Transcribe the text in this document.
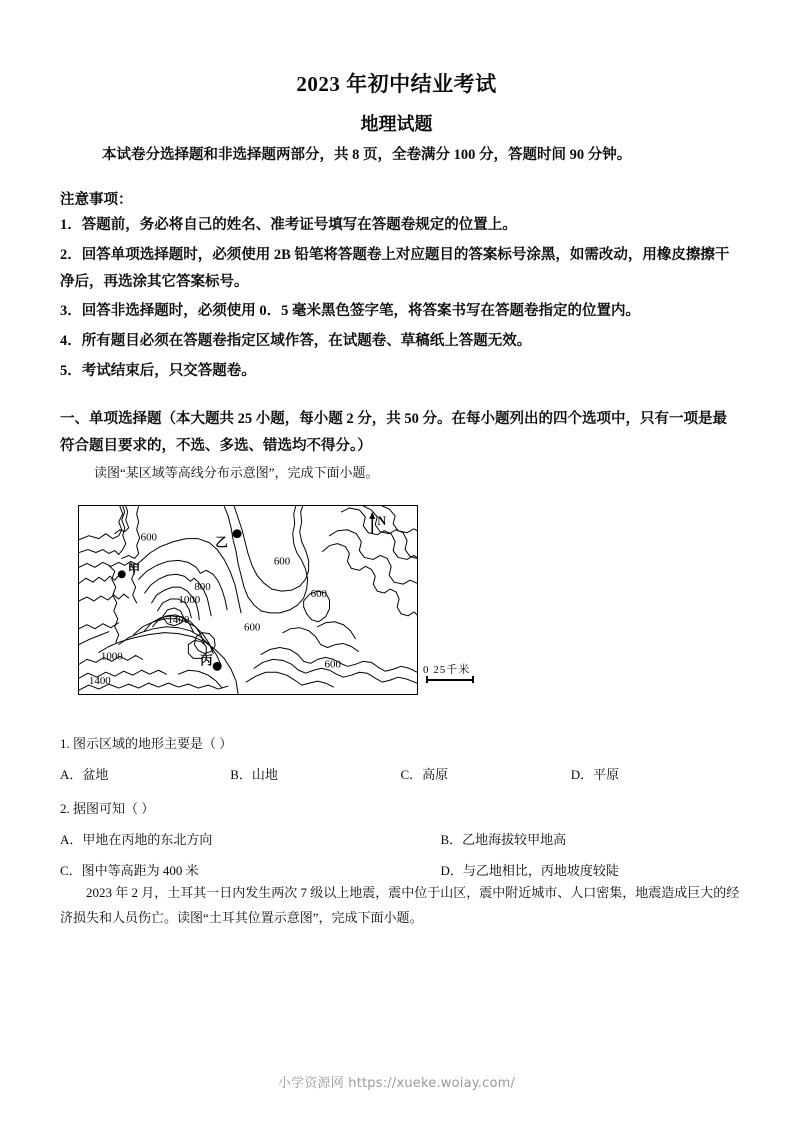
2023 年初中结业考试
地理试题
本试卷分选择题和非选择题两部分，共 8 页，全卷满分 100 分，答题时间 90 分钟。
注意事项：

1．答题前，务必将自己的姓名、准考证号填写在答题卷规定的位置上。

2．回答单项选择题时，必须使用 2B 铅笔将答题卷上对应题目的答案标号涂黑，如需改动，用橡皮擦擦干净后，再选涂其它答案标号。

3．回答非选择题时，必须使用 0．5 毫米黑色签字笔，将答案书写在答题卷指定的位置内。

4．所有题目必须在答题卷指定区域作答，在试题卷、草稿纸上答题无效。

5．考试结束后，只交答题卷。

一、单项选择题（本大题共 25 小题，每小题 2 分，共 50 分。在每小题列出的四个选项中，只有一项是最符合题目要求的，不选、多选、错选均不得分。）
读图“某区域等高线分布示意图”，完成下面小题。
N
甲
乙
丙
600
600
600
600
600
800
1000
1400
1000
1400
0 25千米
1. 图示区域的地形主要是（ ）
A．盆地	B．山地	C．高原	D．平原
2. 据图可知（ ）
A．甲地在丙地的东北方向	B．乙地海拔较甲地高
C．图中等高距为 400 米	D．与乙地相比，丙地坡度较陡
2023 年 2 月，土耳其一日内发生两次 7 级以上地震，震中位于山区，震中附近城市、人口密集，地震造成巨大的经济损失和人员伤亡。读图“土耳其位置示意图”，完成下面小题。
小学资源网 https://xueke.woiay.com/
